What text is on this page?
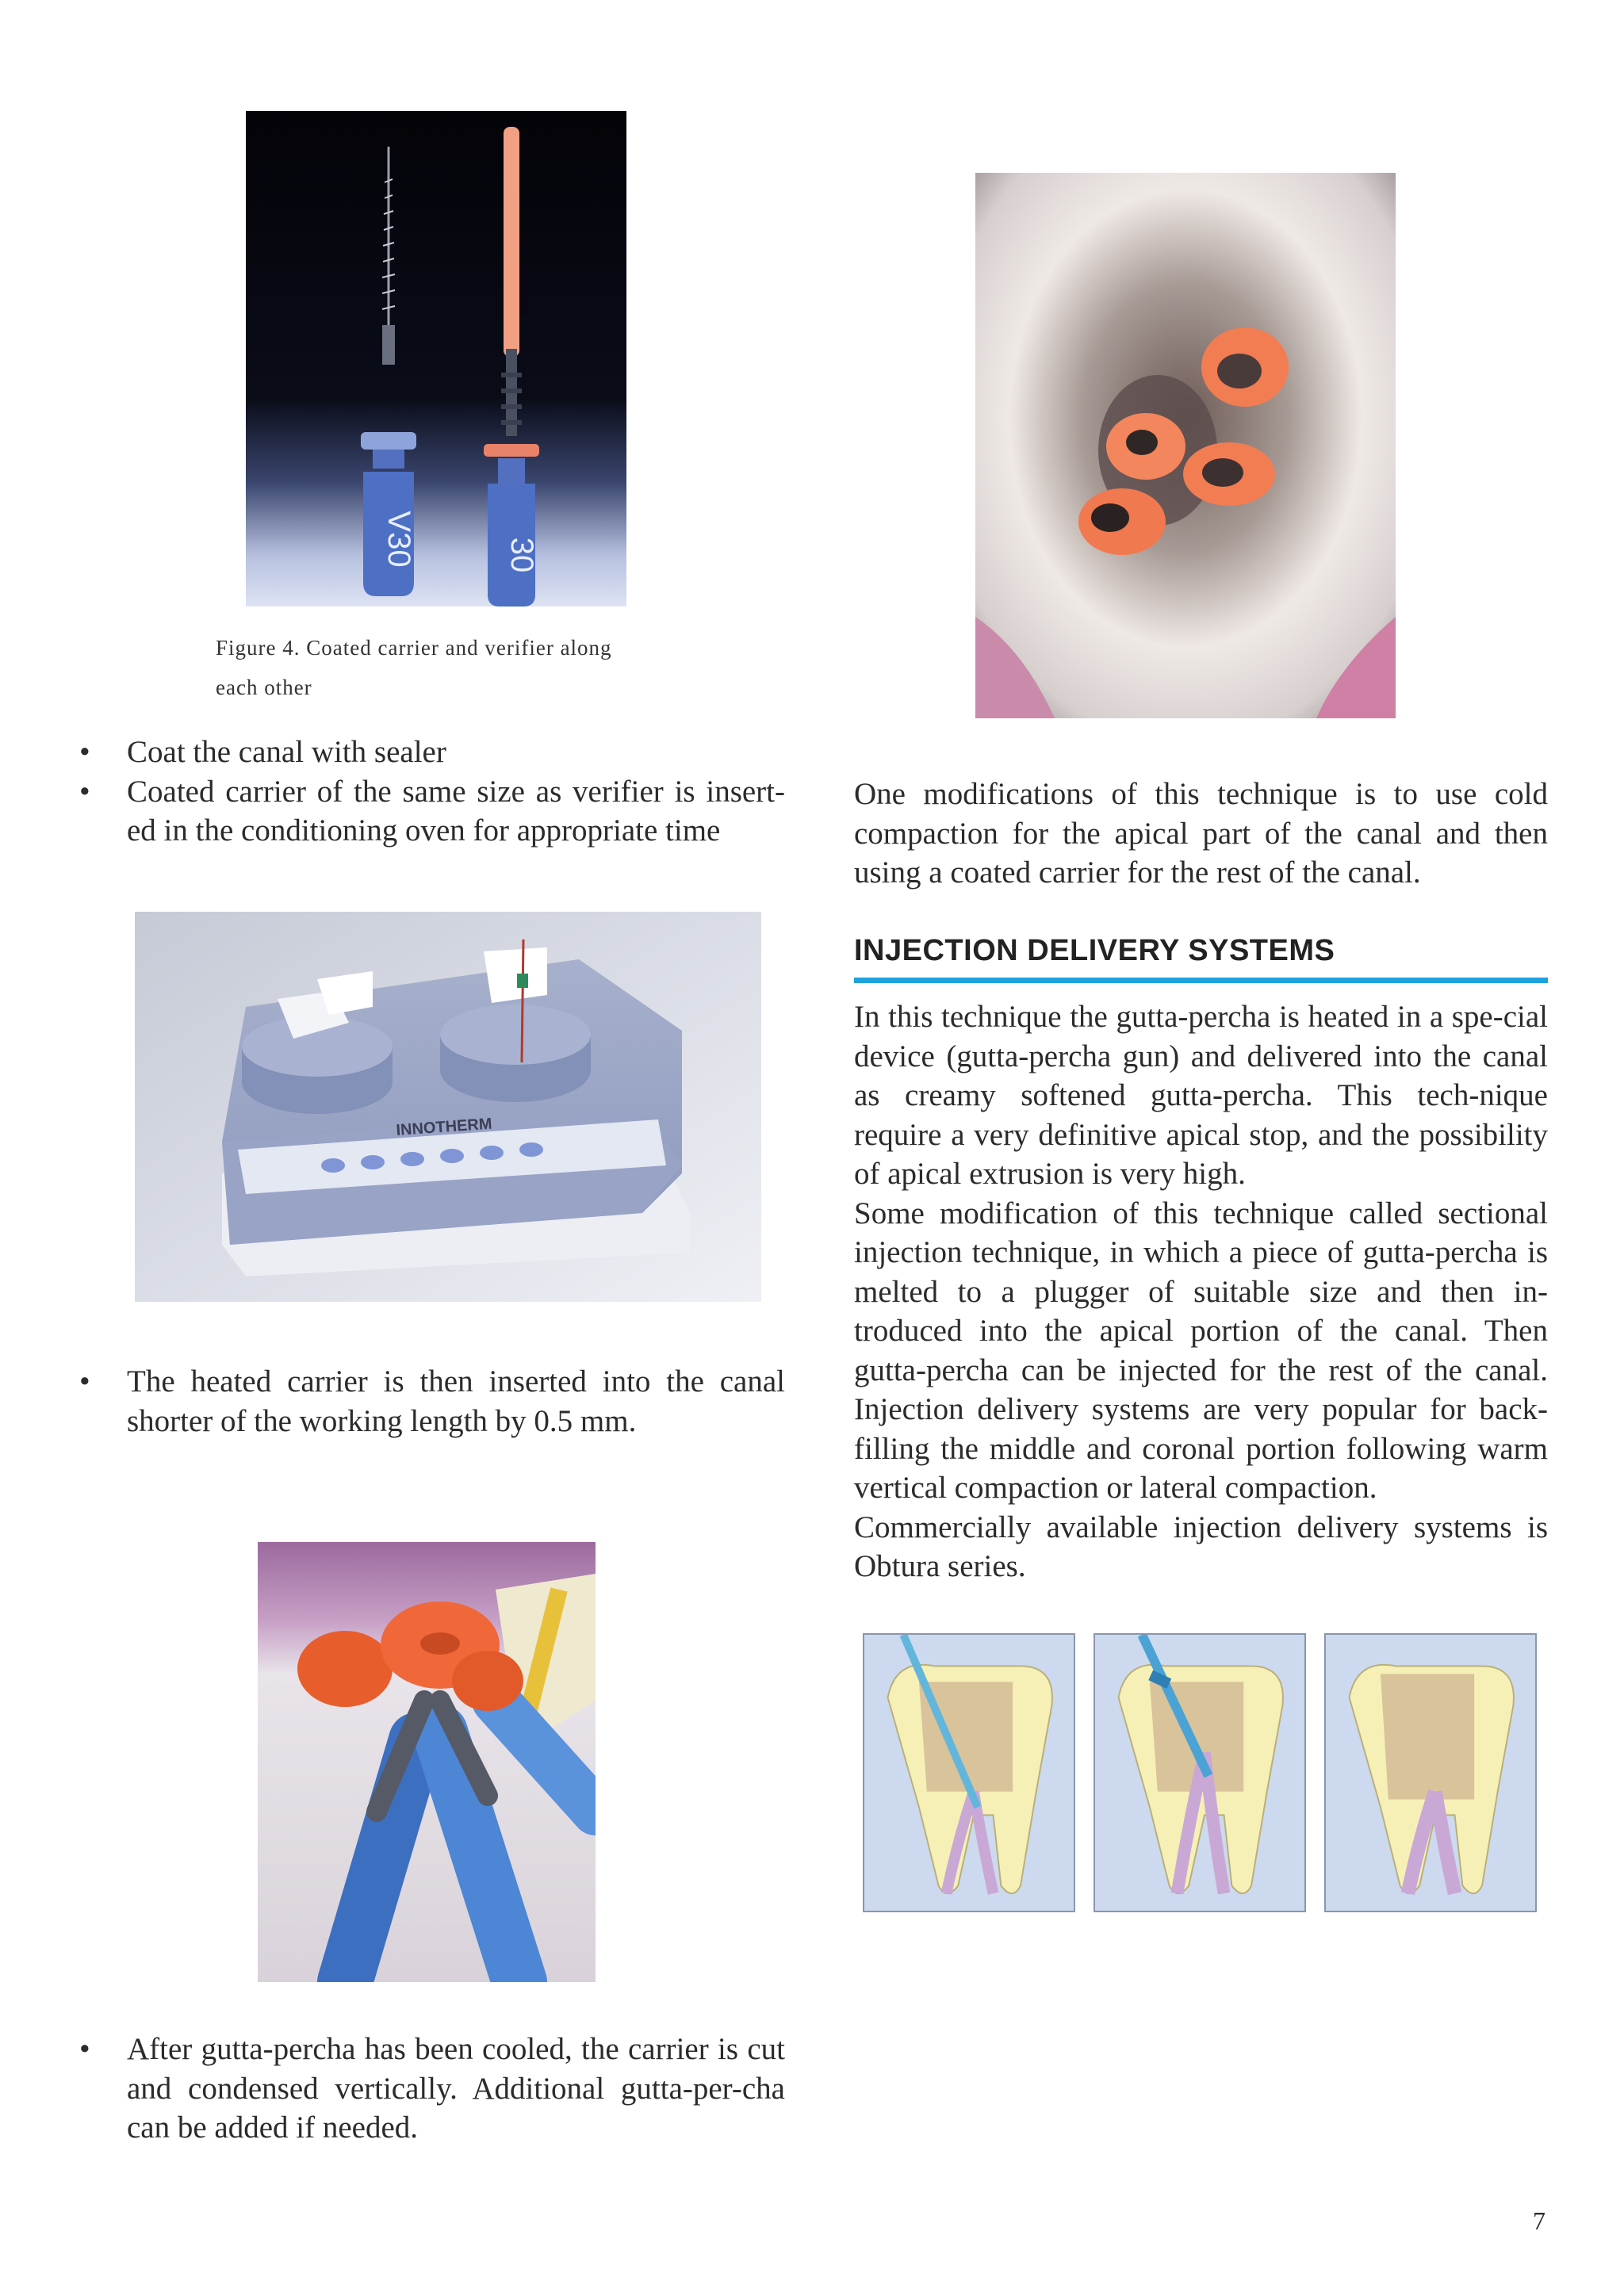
V30	30
Figure 4. Coated carrier and verifier along
each other
•	Coat the canal with sealer
•	Coated carrier of the same size as verifier is insert-ed in the conditioning oven for appropriate time
INNOTHERM
•	The heated carrier is then inserted into the canal shorter of the working length by 0.5 mm.
•	After gutta-percha has been cooled, the carrier is cut and condensed vertically. Additional gutta-per-cha can be added if needed.

One modifications of this technique is to use cold compaction for the apical part of the canal and then using a coated carrier for the rest of the canal.

INJECTION DELIVERY SYSTEMS

In this technique the gutta-percha is heated in a spe-cial device (gutta-percha gun) and delivered into the canal as creamy softened gutta-percha. This tech-nique require a very definitive apical stop, and the possibility of apical extrusion is very high.

Some modification of this technique called sectional injection technique, in which a piece of gutta-percha is melted to a plugger of suitable size and then in-troduced into the apical portion of the canal. Then gutta-percha can be injected for the rest of the canal. Injection delivery systems are very popular for back-filling the middle and coronal portion following warm vertical compaction or lateral compaction.

Commercially available injection delivery systems is Obtura series.

7
